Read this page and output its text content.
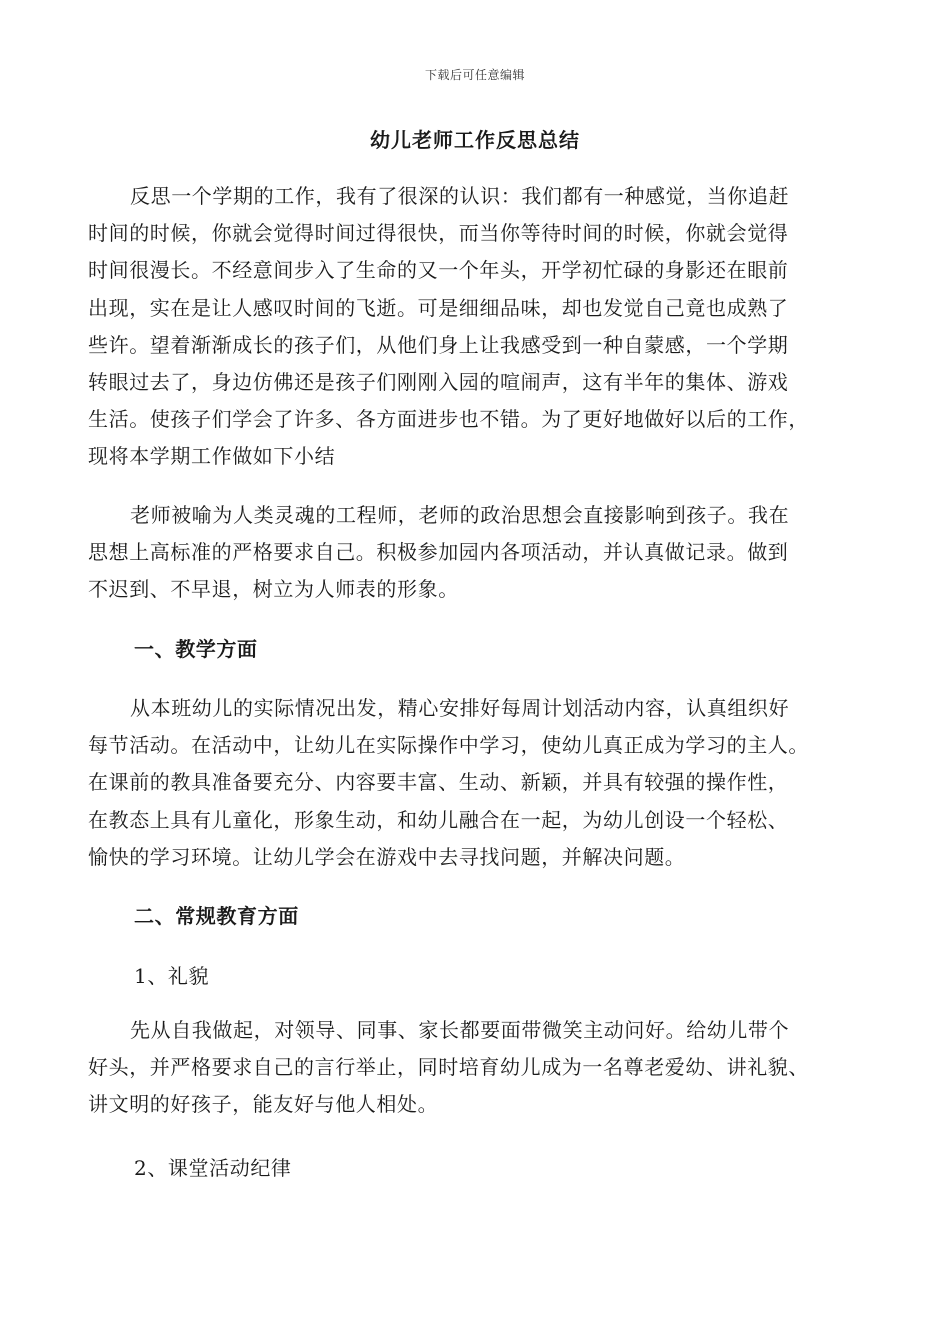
下载后可任意编辑
幼儿老师工作反思总结
反思一个学期的工作，我有了很深的认识：我们都有一种感觉，当你追赶
时间的时候，你就会觉得时间过得很快，而当你等待时间的时候，你就会觉得
时间很漫长。不经意间步入了生命的又一个年头，开学初忙碌的身影还在眼前
出现，实在是让人感叹时间的飞逝。可是细细品味，却也发觉自己竟也成熟了
些许。望着渐渐成长的孩子们，从他们身上让我感受到一种自蒙感，一个学期
转眼过去了，身边仿佛还是孩子们刚刚入园的喧闹声，这有半年的集体、游戏
生活。使孩子们学会了许多、各方面进步也不错。为了更好地做好以后的工作，
现将本学期工作做如下小结
老师被喻为人类灵魂的工程师，老师的政治思想会直接影响到孩子。我在
思想上高标准的严格要求自己。积极参加园内各项活动，并认真做记录。做到
不迟到、不早退，树立为人师表的形象。
一、教学方面
从本班幼儿的实际情况出发，精心安排好每周计划活动内容，认真组织好
每节活动。在活动中，让幼儿在实际操作中学习，使幼儿真正成为学习的主人。
在课前的教具准备要充分、内容要丰富、生动、新颖，并具有较强的操作性，
在教态上具有儿童化，形象生动，和幼儿融合在一起，为幼儿创设一个轻松、
愉快的学习环境。让幼儿学会在游戏中去寻找问题，并解决问题。
二、常规教育方面
1、礼貌
先从自我做起，对领导、同事、家长都要面带微笑主动问好。给幼儿带个
好头，并严格要求自己的言行举止，同时培育幼儿成为一名尊老爱幼、讲礼貌、
讲文明的好孩子，能友好与他人相处。
2、课堂活动纪律
